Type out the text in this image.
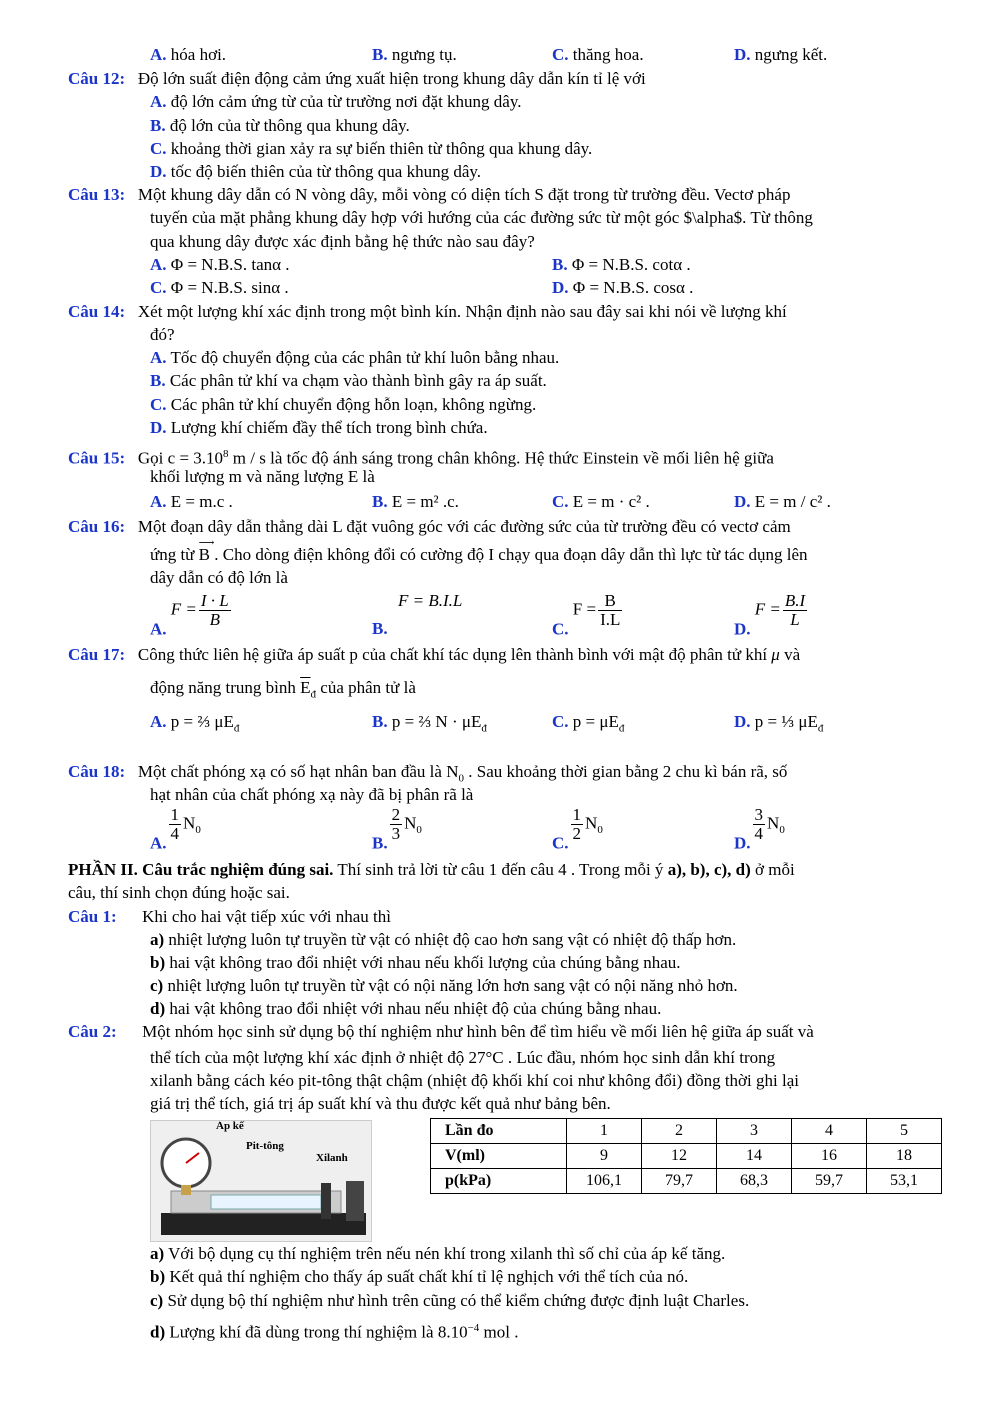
A. hóa hơi.	B. ngưng tụ.	C. thăng hoa.	D. ngưng kết.
Câu 12: Độ lớn suất điện động cảm ứng xuất hiện trong khung dây dẫn kín tỉ lệ với
A. độ lớn cảm ứng từ của từ trường nơi đặt khung dây.
B. độ lớn của từ thông qua khung dây.
C. khoảng thời gian xảy ra sự biến thiên từ thông qua khung dây.
D. tốc độ biến thiên của từ thông qua khung dây.
Câu 13: Một khung dây dẫn có N vòng dây, mỗi vòng có diện tích S đặt trong từ trường đều. Vectơ pháp
tuyến của mặt phẳng khung dây hợp với hướng của các đường sức từ một góc $\alpha$. Từ thông
qua khung dây được xác định bằng hệ thức nào sau đây?
A. Φ = N.B.S. tanα .	B. Φ = N.B.S. cotα .
C. Φ = N.B.S. sinα .	D. Φ = N.B.S. cosα .
Câu 14: Xét một lượng khí xác định trong một bình kín. Nhận định nào sau đây sai khi nói về lượng khí
đó?
A. Tốc độ chuyển động của các phân tử khí luôn bằng nhau.
B. Các phân tử khí va chạm vào thành bình gây ra áp suất.
C. Các phân tử khí chuyển động hỗn loạn, không ngừng.
D. Lượng khí chiếm đầy thể tích trong bình chứa.
Câu 15: Gọi $c = 3.10^8$ m / s là tốc độ ánh sáng trong chân không. Hệ thức Einstein về mối liên hệ giữa
khối lượng m và năng lượng E là
A. E = m.c .	B. E = m² .c.	C. E = m · c² .	D. E = m / c² .
Câu 16: Một đoạn dây dẫn thẳng dài L đặt vuông góc với các đường sức của từ trường đều có vectơ cảm
ứng từ
⟶
B . Cho dòng điện không đổi có cường độ I chạy qua đoạn dây dẫn thì lực từ tác dụng lên
dây dẫn có độ lớn là
A. $F = \frac{I \cdot L}{B}$	B.
F = B.I.L
C. $F = \frac{B}{I.L}$	D. $F = \frac{B.I}{L}$
Câu 17: Công thức liên hệ giữa áp suất p của chất khí tác dụng lên thành bình với mật độ phân tử khí μ và
động năng trung bình $\overline{E}_đ$ của phân tử là
A. p = ⅔ $\mu E_đ$	B. p = ⅔ $N \cdot \mu E_đ$	C. $p = \mu E_đ$	D. p = ⅓ $\mu E_đ$
Câu 18: Một chất phóng xạ có số hạt nhân ban đầu là $N_0$ . Sau khoảng thời gian bằng 2 chu kì bán rã, số
hạt nhân của chất phóng xạ này đã bị phân rã là
A. $\frac{1}{4} N_0$
B. $\frac{2}{3} N_0$
C. $\frac{1}{2} N_0$
D. $\frac{3}{4} N_0$
PHẦN II. Câu trắc nghiệm đúng sai. Thí sinh trả lời từ câu 1 đến câu 4 . Trong mỗi ý a), b), c), d) ở mỗi
câu, thí sinh chọn đúng hoặc sai.
Câu 1: Khi cho hai vật tiếp xúc với nhau thì
a) nhiệt lượng luôn tự truyền từ vật có nhiệt độ cao hơn sang vật có nhiệt độ thấp hơn.
b) hai vật không trao đổi nhiệt với nhau nếu khối lượng của chúng bằng nhau.
c) nhiệt lượng luôn tự truyền từ vật có nội năng lớn hơn sang vật có nội năng nhỏ hơn.
d) hai vật không trao đổi nhiệt với nhau nếu nhiệt độ của chúng bằng nhau.
Câu 2: Một nhóm học sinh sử dụng bộ thí nghiệm như hình bên để tìm hiểu về mối liên hệ giữa áp suất và
thể tích của một lượng khí xác định ở nhiệt độ 27°C . Lúc đầu, nhóm học sinh dẫn khí trong
xilanh bằng cách kéo pit-tông thật chậm (nhiệt độ khối khí coi như không đổi) đồng thời ghi lại
giá trị thể tích, giá trị áp suất khí và thu được kết quả như bảng bên.
Áp kế
Pit-tông
Xilanh
Lần đo	1	2	3	4	5
V(ml)	9	12	14	16	18
p(kPa)	106,1	79,7	68,3	59,7	53,1
a) Với bộ dụng cụ thí nghiệm trên nếu nén khí trong xilanh thì số chỉ của áp kế tăng.
b) Kết quả thí nghiệm cho thấy áp suất chất khí tỉ lệ nghịch với thể tích của nó.
c) Sử dụng bộ thí nghiệm như hình trên cũng có thể kiểm chứng được định luật Charles.
d) Lượng khí đã dùng trong thí nghiệm là $8.10^{-4}$ mol .
